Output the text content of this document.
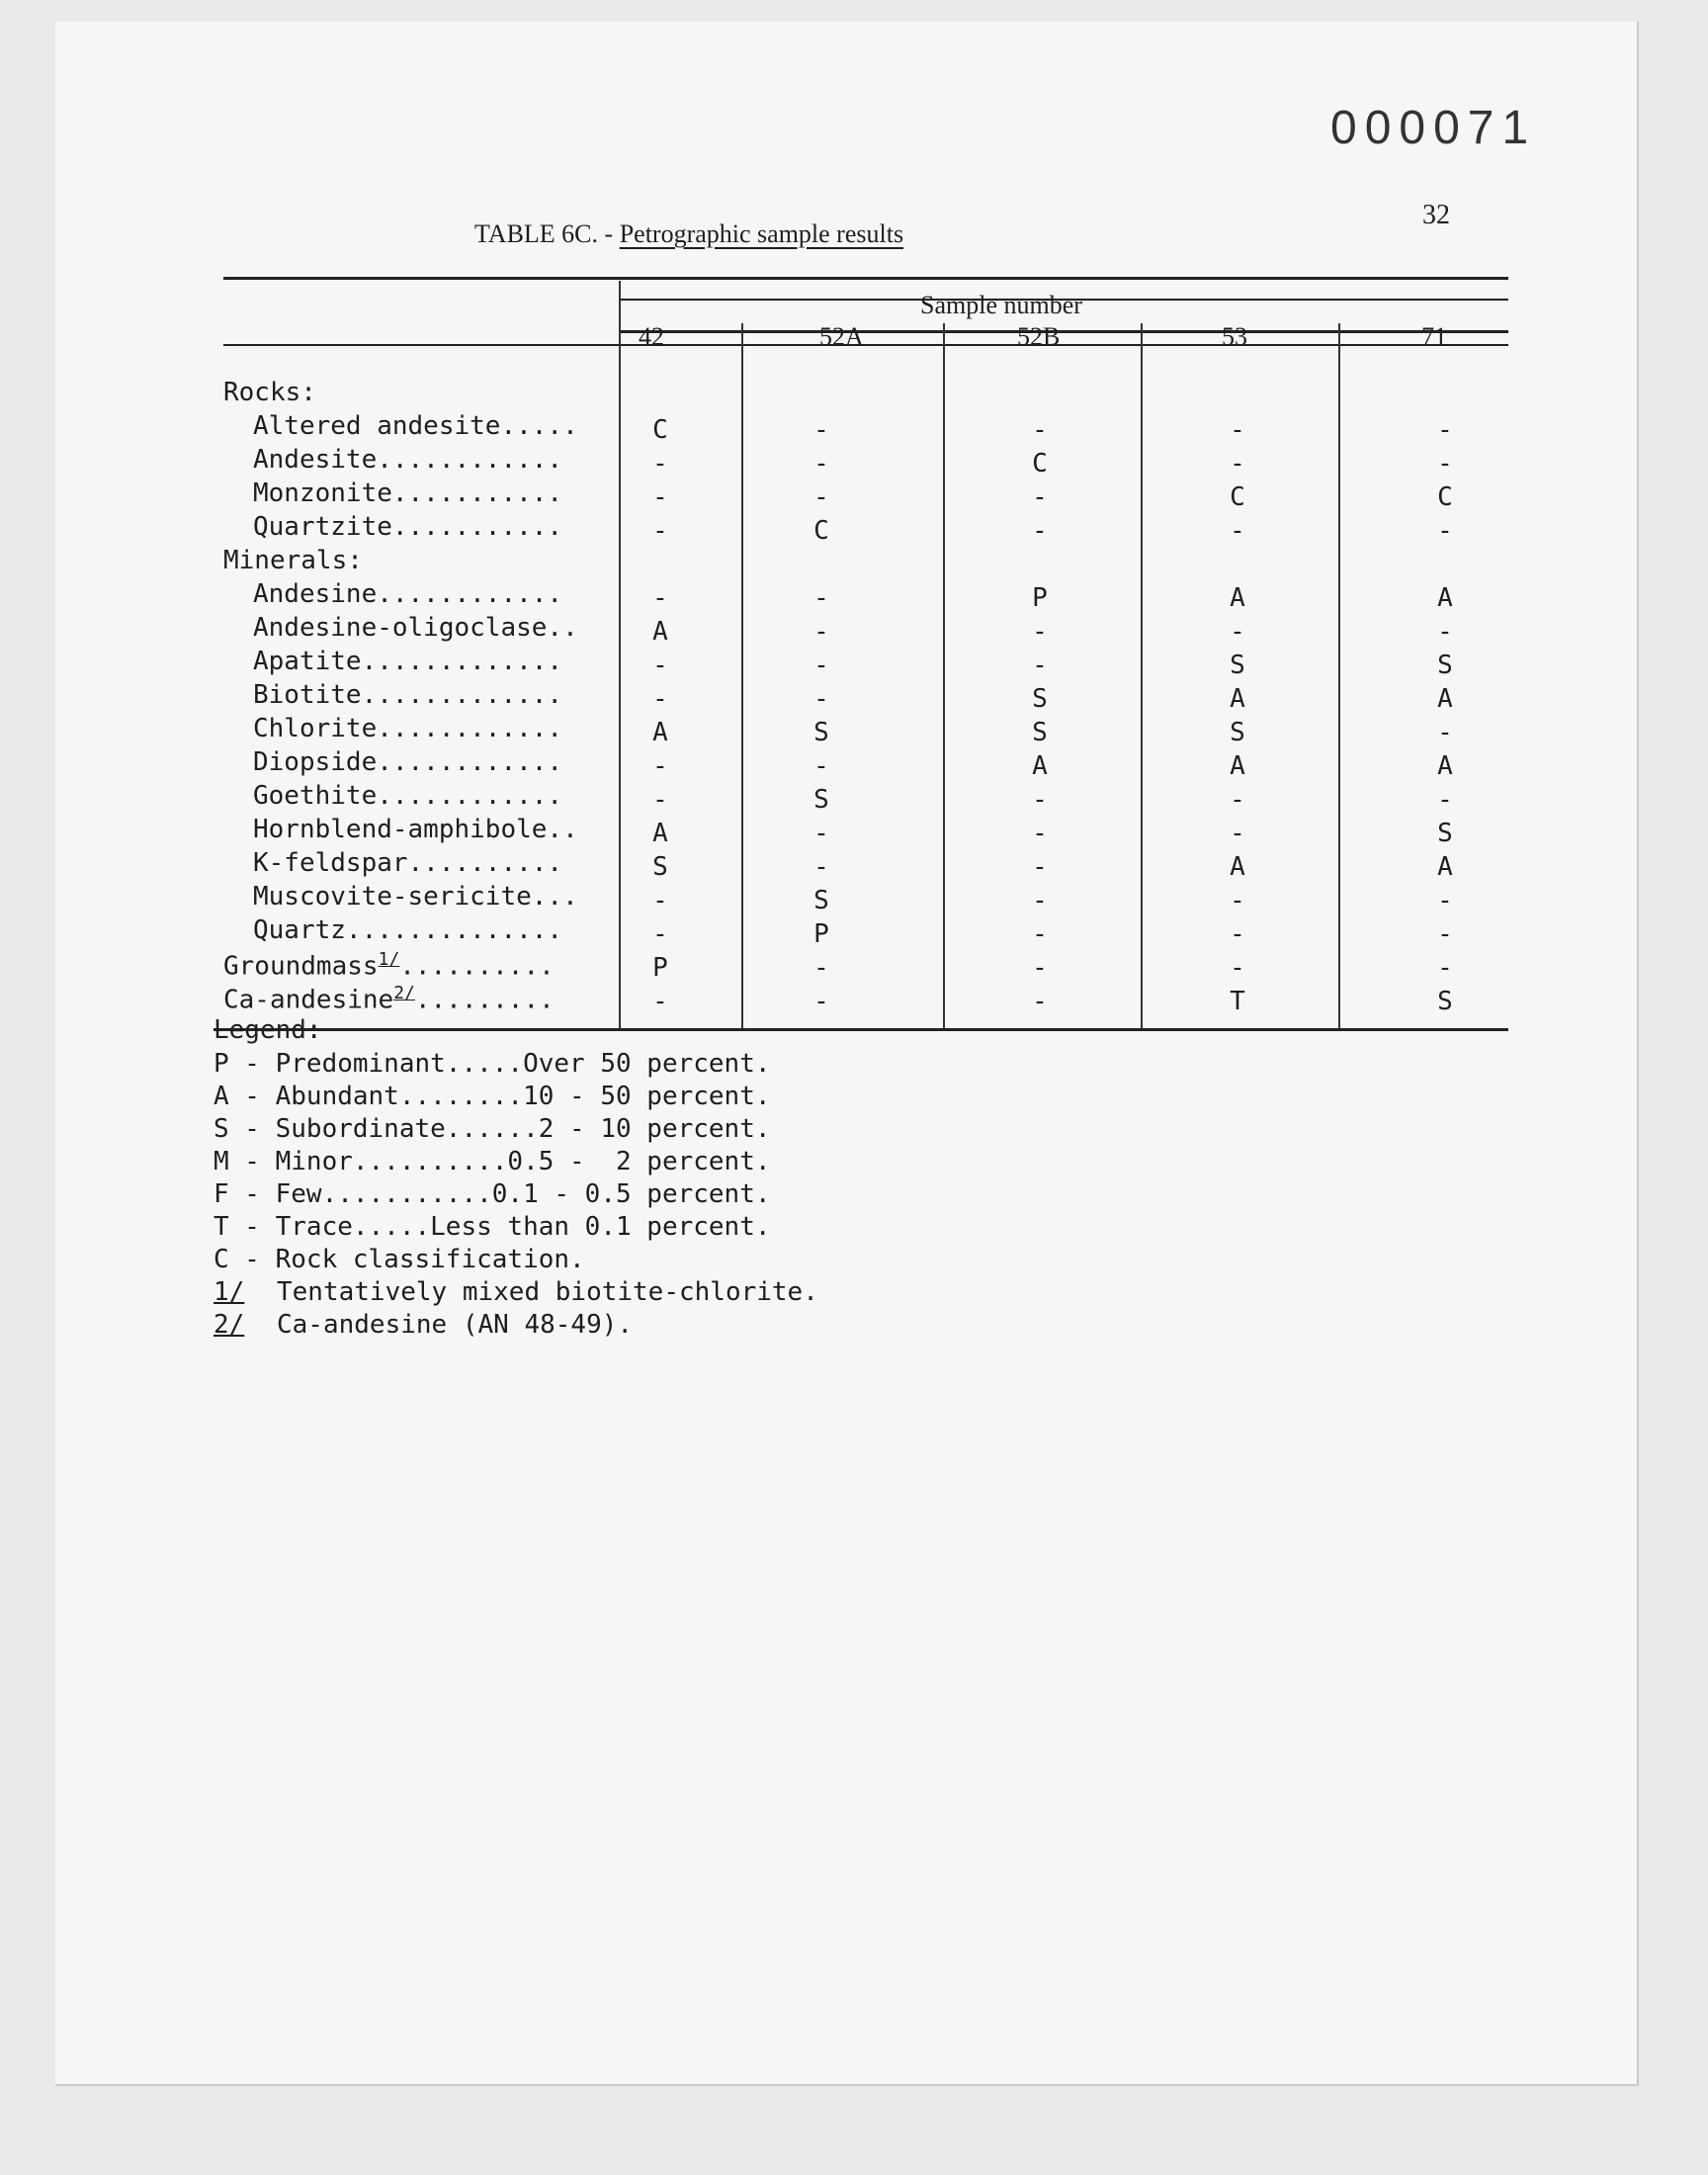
000071
32
TABLE 6C. - Petrographic sample results
Sample number
42	52A	52B	53	71
Rocks:
Altered andesite.....	C	-	-	-	-
Andesite............	-	-	C	-	-
Monzonite...........	-	-	-	C	C
Quartzite...........	-	C	-	-	-
Minerals:
Andesine............	-	-	P	A	A
Andesine-oligoclase..	A	-	-	-	-
Apatite.............	-	-	-	S	S
Biotite.............	-	-	S	A	A
Chlorite............	A	S	S	S	-
Diopside............	-	-	A	A	A
Goethite............	-	S	-	-	-
Hornblend-amphibole..	A	-	-	-	S
K-feldspar..........	S	-	-	A	A
Muscovite-sericite...	-	S	-	-	-
Quartz..............	-	P	-	-	-
Groundmass$^{1/}$..........	P	-	-	-	-
Ca-andesine$^{2/}$.........	-	-	-	T	S
Legend:
P - Predominant.....Over 50 percent.
A - Abundant........10 - 50 percent.
S - Subordinate......2 - 10 percent.
M - Minor..........0.5 -  2 percent.
F - Few...........0.1 - 0.5 percent.
T - Trace.....Less than 0.1 percent.
C - Rock classification.
1/ Tentatively mixed biotite-chlorite.
2/ Ca-andesine (AN 48-49).
